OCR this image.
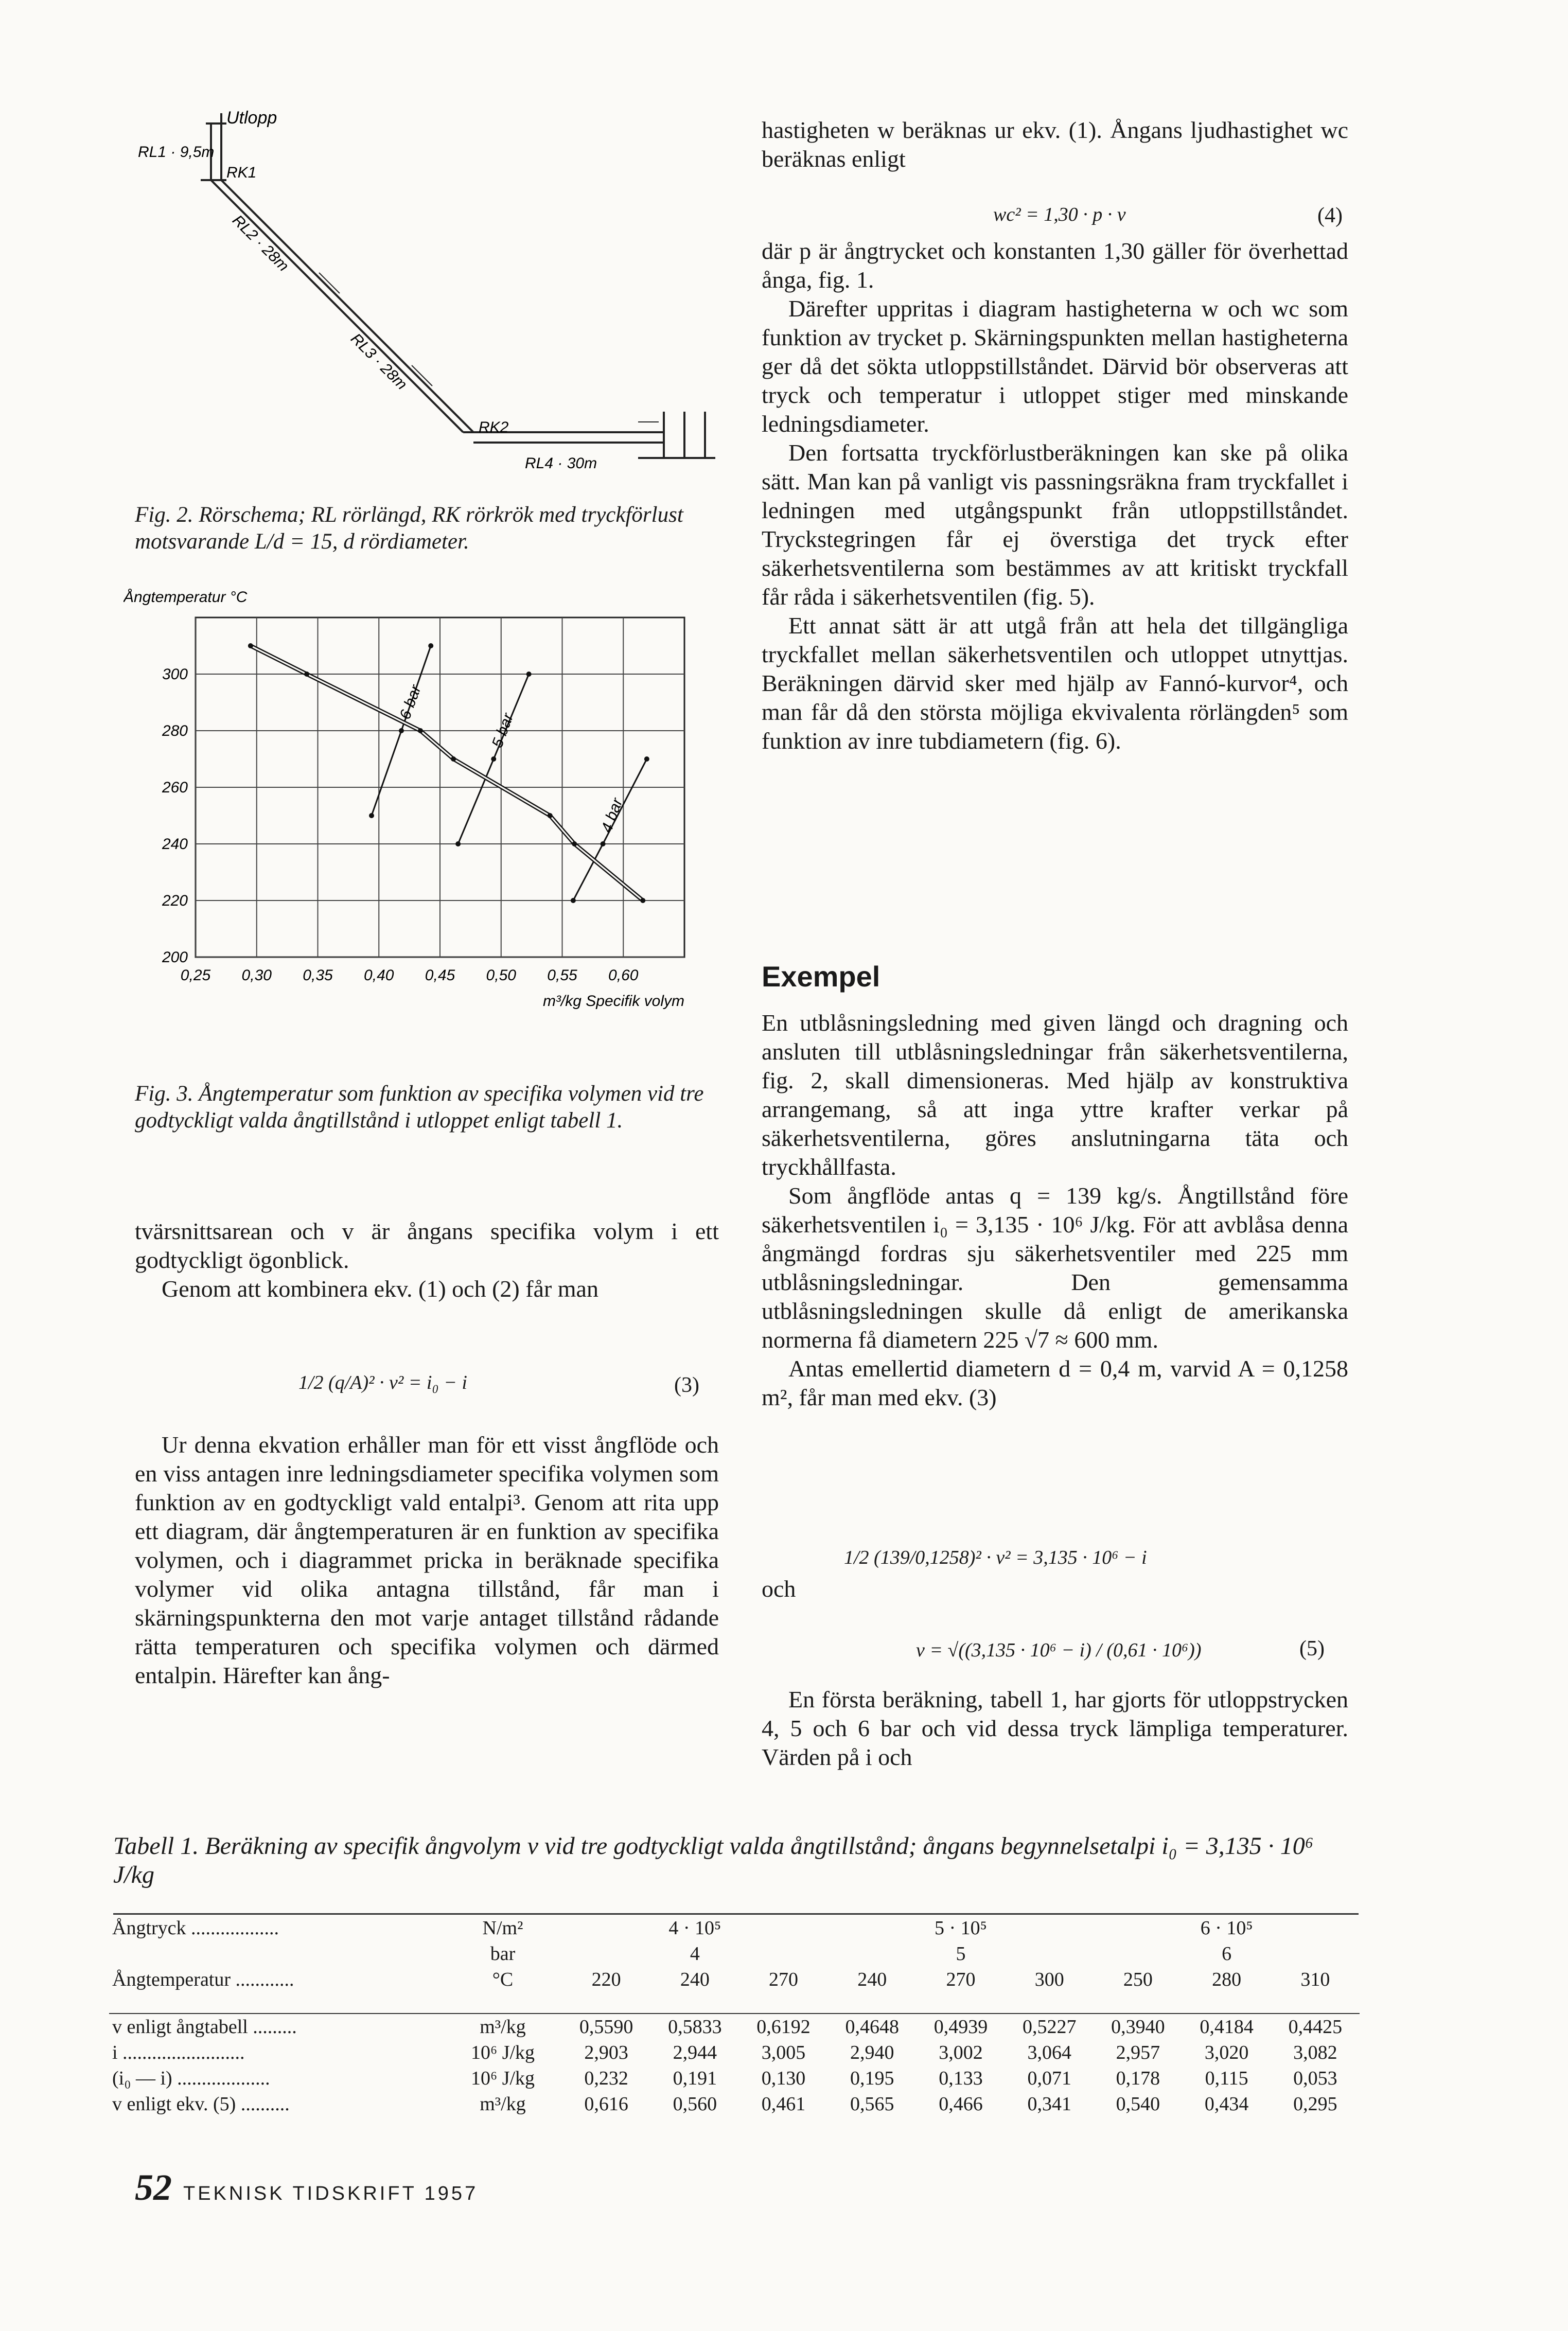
Utlopp
RL1 · 9,5m
RK1
RL2 · 28m
RL3 · 28m
RK2
RL4 · 30m

Fig. 2. Rörschema; RL rörlängd, RK rörkrök med tryckförlust motsvarande L/d = 15, d rördiameter.

0,25 0,30 0,35 0,40 0,45 0,50 0,55 0,60
200
220
240
260
280
300
Ångtemperatur °C
m³/kg Specifik volym
6 bar
5 bar
4 bar

Fig. 3. Ångtemperatur som funktion av specifika volymen vid tre godtyckligt valda ångtillstånd i utloppet enligt tabell 1.

tvärsnittsarean och v är ångans specifika volym i ett godtyckligt ögonblick.

Genom att kombinera ekv. (1) och (2) får man

1/2 (q/A)² · v² = i₀ − i	(3)

Ur denna ekvation erhåller man för ett visst ångflöde och en viss antagen inre ledningsdiameter specifika volymen som funktion av en godtyckligt vald entalpi³. Genom att rita upp ett diagram, där ångtemperaturen är en funktion av specifika volymen, och i diagrammet pricka in beräknade specifika volymer vid olika antagna tillstånd, får man i skärningspunkterna den mot varje antaget tillstånd rådande rätta temperaturen och specifika volymen och därmed entalpin. Härefter kan ång-

hastigheten w beräknas ur ekv. (1). Ångans ljudhastighet wc beräknas enligt

wc² = 1,30 · p · v	(4)

där p är ångtrycket och konstanten 1,30 gäller för överhettad ånga, fig. 1.

Därefter uppritas i diagram hastigheterna w och wc som funktion av trycket p. Skärningspunkten mellan hastigheterna ger då det sökta utloppstillståndet. Därvid bör observeras att tryck och temperatur i utloppet stiger med minskande ledningsdiameter.

Den fortsatta tryckförlustberäkningen kan ske på olika sätt. Man kan på vanligt vis passningsräkna fram tryckfallet i ledningen med utgångspunkt från utloppstillståndet. Tryckstegringen får ej överstiga det tryck efter säkerhetsventilerna som bestämmes av att kritiskt tryckfall får råda i säkerhetsventilen (fig. 5).

Ett annat sätt är att utgå från att hela det tillgängliga tryckfallet mellan säkerhetsventilen och utloppet utnyttjas. Beräkningen därvid sker med hjälp av Fannó-kurvor⁴, och man får då den största möjliga ekvivalenta rörlängden⁵ som funktion av inre tubdiametern (fig. 6).

Exempel

En utblåsningsledning med given längd och dragning och ansluten till utblåsningsledningar från säkerhetsventilerna, fig. 2, skall dimensioneras. Med hjälp av konstruktiva arrangemang, så att inga yttre krafter verkar på säkerhetsventilerna, göres anslutningarna täta och tryckhållfasta.

Som ångflöde antas q = 139 kg/s. Ångtillstånd före säkerhetsventilen i₀ = 3,135 · 10⁶ J/kg. För att avblåsa denna ångmängd fordras sju säkerhetsventiler med 225 mm utblåsningsledningar. Den gemensamma utblåsningsledningen skulle då enligt de amerikanska normerna få diametern 225 √7 ≈ 600 mm.

Antas emellertid diametern d = 0,4 m, varvid A = 0,1258 m², får man med ekv. (3)

1/2 (139/0,1258)² · v² = 3,135 · 10⁶ − i
och
v = √((3,135 · 10⁶ − i) / (0,61 · 10⁶))	(5)

En första beräkning, tabell 1, har gjorts för utloppstrycken 4, 5 och 6 bar och vid dessa tryck lämpliga temperaturer. Värden på i och

Tabell 1. Beräkning av specifik ångvolym v vid tre godtyckligt valda ångtillstånd; ångans begynnelsetalpi i₀ = 3,135 · 10⁶ J/kg

Ångtryck ..................	N/m²	4 · 10⁵			5 · 10⁵			6 · 10⁵		
	bar	4			5			6		
Ångtemperatur ............	°C	220	240	270	240	270	300	250	280	310

v enligt ångtabell .........	m³/kg	0,5590	0,5833	0,6192	0,4648	0,4939	0,5227	0,3940	0,4184	0,4425
i .........................	10⁶ J/kg	2,903	2,944	3,005	2,940	3,002	3,064	2,957	3,020	3,082
(i₀ — i) ...................	10⁶ J/kg	0,232	0,191	0,130	0,195	0,133	0,071	0,178	0,115	0,053
v enligt ekv. (5) ..........	m³/kg	0,616	0,560	0,461	0,565	0,466	0,341	0,540	0,434	0,295
52 TEKNISK TIDSKRIFT 1957
